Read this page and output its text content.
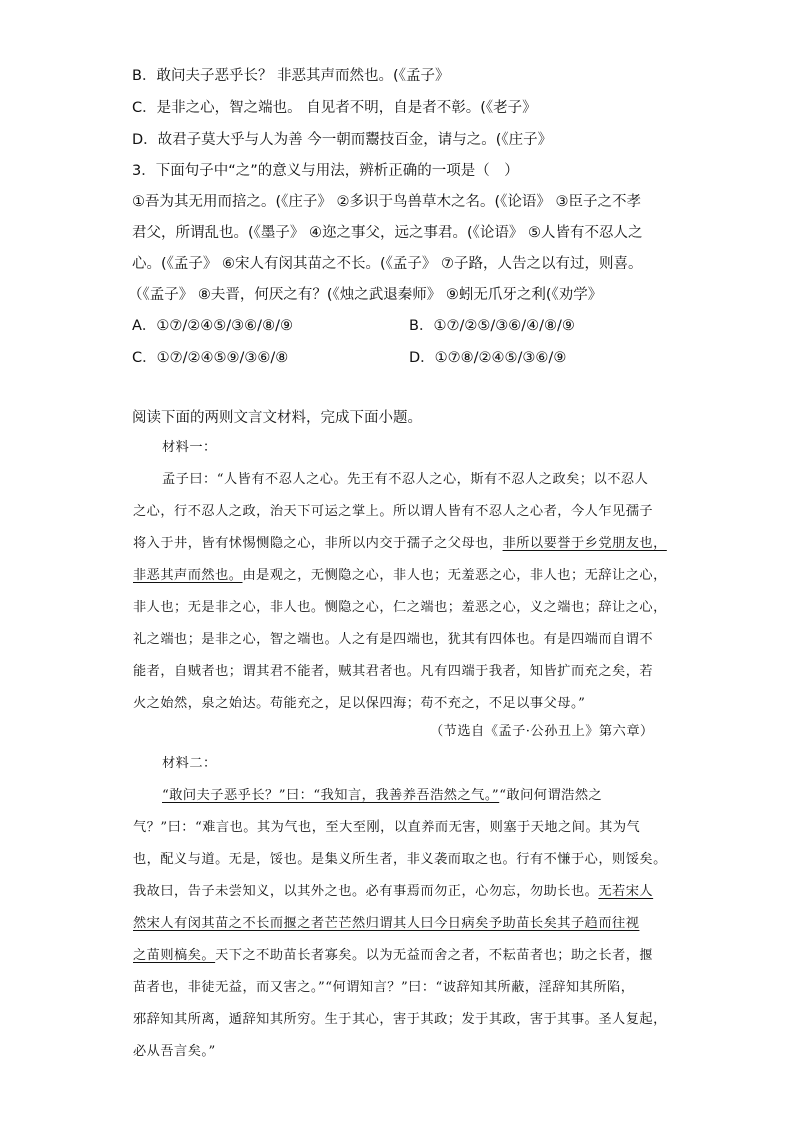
B．敢问夫子恶乎长？ 非恶其声而然也。(《孟子》
C．是非之心，智之端也。 自见者不明，自是者不彰。(《老子》
D．故君子莫大乎与人为善 今一朝而鬻技百金，请与之。(《庄子》
3．下面句子中“之”的意义与用法，辨析正确的一项是（　）
①吾为其无用而掊之。(《庄子》 ②多识于鸟兽草木之名。(《论语》 ③臣子之不孝
君父，所谓乱也。(《墨子》 ④迩之事父，远之事君。(《论语》 ⑤人皆有不忍人之
心。(《孟子》 ⑥宋人有闵其苗之不长。(《孟子》 ⑦子路，人告之以有过，则喜。
（《孟子》 ⑧夫晋，何厌之有？(《烛之武退秦师》 ⑨蚓无爪牙之利(《劝学》
A．①⑦/②④⑤/③⑥/⑧/⑨	B．①⑦/②⑤/③⑥/④/⑧/⑨
C．①⑦/②④⑤⑨/③⑥/⑧	D．①⑦⑧/②④⑤/③⑥/⑨
阅读下面的两则文言文材料，完成下面小题。
材料一：
孟子曰：“人皆有不忍人之心。先王有不忍人之心，斯有不忍人之政矣；以不忍人
之心，行不忍人之政，治天下可运之掌上。所以谓人皆有不忍人之心者，今人乍见孺子
将入于井，皆有怵惕恻隐之心，非所以内交于孺子之父母也，非所以要誉于乡党朋友也，
非恶其声而然也。由是观之，无恻隐之心，非人也；无羞恶之心，非人也；无辞让之心，
非人也；无是非之心，非人也。恻隐之心，仁之端也；羞恶之心，义之端也；辞让之心，
礼之端也；是非之心，智之端也。人之有是四端也，犹其有四体也。有是四端而自谓不
能者，自贼者也；谓其君不能者，贼其君者也。凡有四端于我者，知皆扩而充之矣，若
火之始然，泉之始达。苟能充之，足以保四海；苟不充之，不足以事父母。”
（节选自《孟子·公孙丑上》第六章）
材料二：
“敢问夫子恶乎长？”曰：“我知言，我善养吾浩然之气。”“敢问何谓浩然之
气？”曰：“难言也。其为气也，至大至刚，以直养而无害，则塞于天地之间。其为气
也，配义与道。无是，馁也。是集义所生者，非义袭而取之也。行有不慊于心，则馁矣。
我故曰，告子未尝知义，以其外之也。必有事焉而勿正，心勿忘，勿助长也。无若宋人
然宋人有闵其苗之不长而揠之者芒芒然归谓其人曰今日病矣予助苗长矣其子趋而往视
之苗则槁矣。天下之不助苗长者寡矣。以为无益而舍之者，不耘苗者也；助之长者，揠
苗者也，非徒无益，而又害之。”“何谓知言？”曰：“诐辞知其所蔽，淫辞知其所陷，
邪辞知其所离，遁辞知其所穷。生于其心，害于其政；发于其政，害于其事。圣人复起，
必从吾言矣。”
